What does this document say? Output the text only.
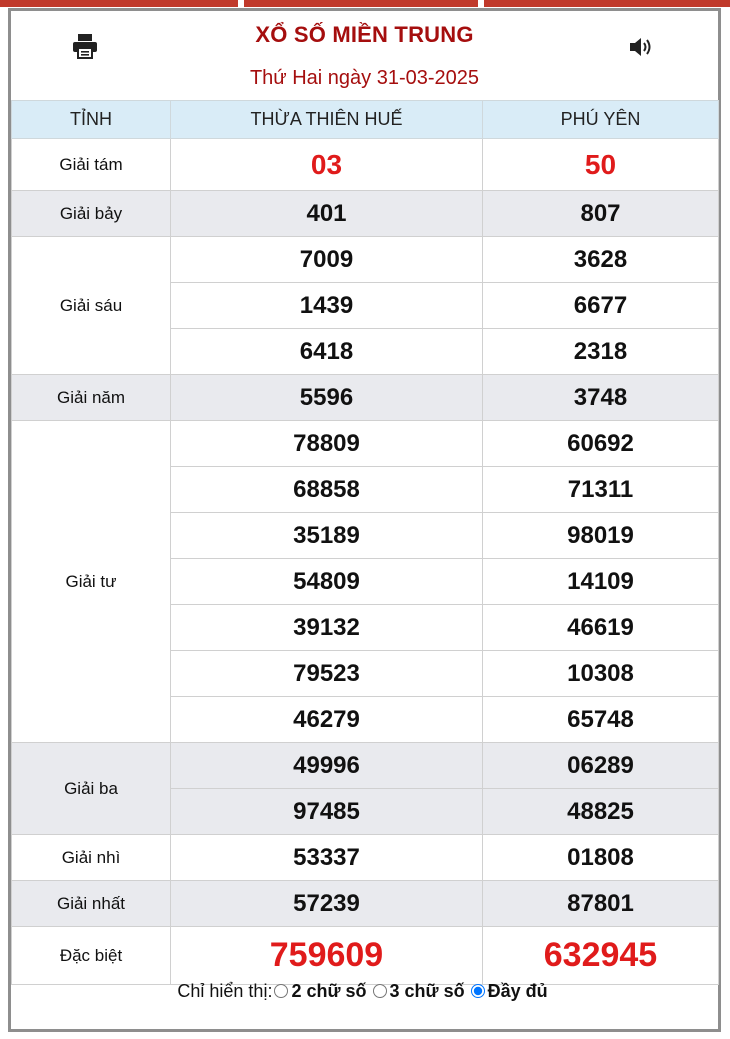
XỔ SỐ MIỀN TRUNG
Thứ Hai ngày 31-03-2025
TỈNH	THỪA THIÊN HUẾ	PHÚ YÊN
Giải tám	03	50
Giải bảy	401	807
Giải sáu	7009	3628
	1439	6677
	6418	2318
Giải năm	5596	3748
Giải tư	78809	60692
	68858	71311
	35189	98019
	54809	14109
	39132	46619
	79523	10308
	46279	65748
Giải ba	49996	06289
	97485	48825
Giải nhì	53337	01808
Giải nhất	57239	87801
Đặc biệt	759609	632945
Chỉ hiển thị: 2 chữ số 3 chữ số Đầy đủ
